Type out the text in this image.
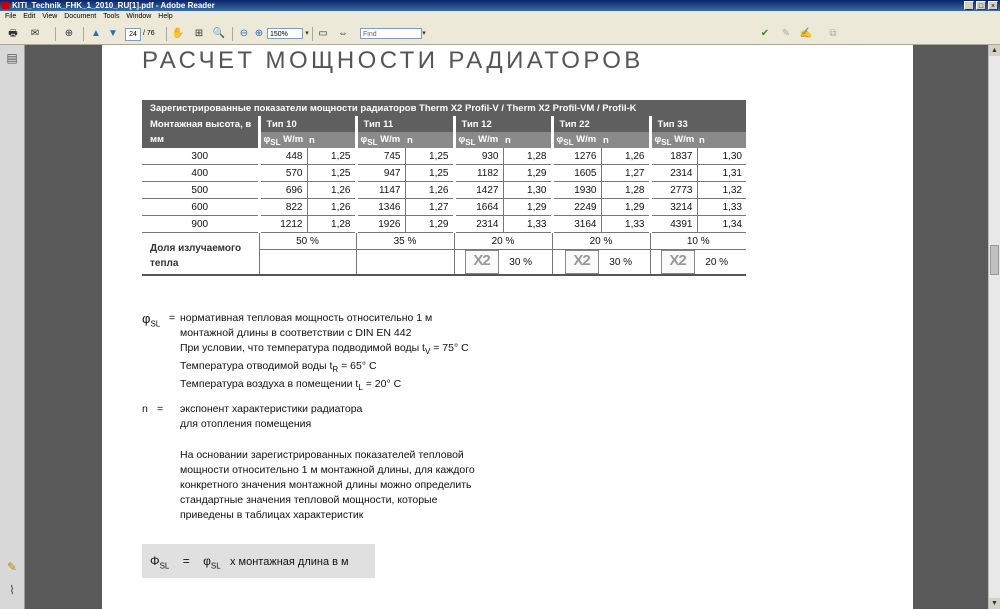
KITI_Technik_FHK_1_2010_RU[1].pdf - Adobe Reader	_	□	×
File Edit View Document Tools Window Help
🖶 ✉	⊕ ▲ ▼	24 / 76 ✋ ⊞ 🔍 ⊖ ⊕ 150%	▾ ▭ ⇔	Find	▾	✔ ✎ ✍	⧉
▤
✎
⌇
РАСЧЕТ МОЩНОСТИ РАДИАТОРОВ
Зарегистрированные показатели мощности радиаторов Therm X2 Profil-V / Therm X2 Profil-VM / Profil-K										
Монтажная высота, в мм	Тип 10		Тип 11		Тип 12		Тип 22		Тип 33	
	$\varphi_{SL}$ W/m	n	$\varphi_{SL}$ W/m	n	$\varphi_{SL}$ W/m	n	$\varphi_{SL}$ W/m	n	$\varphi_{SL}$ W/m	n
300	448	1,25	745	1,25	930	1,28	1276	1,26	1837	1,30
400	570	1,25	947	1,25	1182	1,29	1605	1,27	2314	1,31
500	696	1,26	1147	1,26	1427	1,30	1930	1,28	2773	1,32
600	822	1,26	1346	1,27	1664	1,29	2249	1,29	3214	1,33
900	1212	1,28	1926	1,29	2314	1,33	3164	1,33	4391	1,34
Доля излучаемого тепла	50 %		35 %		20 %		20 %		10 %	

					X2 30 %		X2 30 %		X2 20 %	
$\varphi_{SL}$
= нормативная тепловая мощность относительно 1 м
монтажной длины в соответствии с DIN EN 442
При условии, что температура подводимой воды $t_V = 75^\circ$ C
Температура отводимой воды $t_R = 65^\circ$ C
Температура воздуха в помещении $t_L = 20^\circ$ C
n = экспонент характеристики радиатора
для отопления помещения
На основании зарегистрированных показателей тепловой
мощности относительно 1 м монтажной длины, для каждого
конкретного значения монтажной длины можно определить
стандартные значения тепловой мощности, которые
приведены в таблицах характеристик
$\Phi_{SL} = \varphi_{SL}$ x монтажная длина в м
▲
▼
